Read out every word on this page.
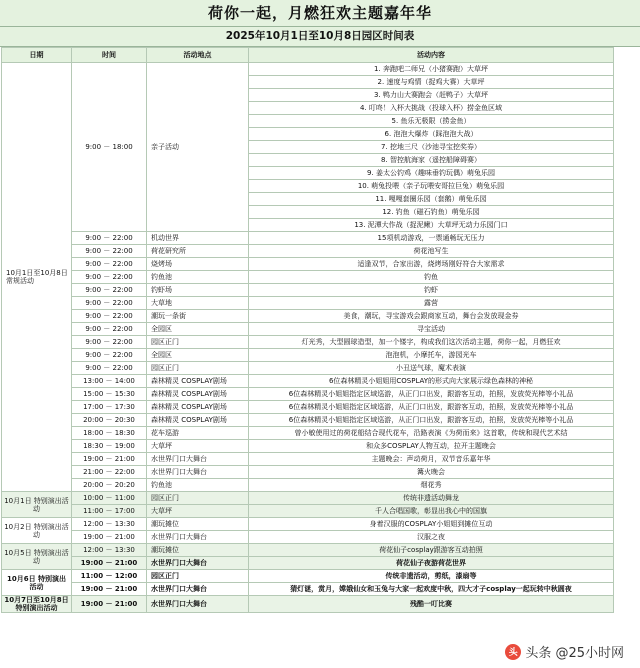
荷你一起，月燃狂欢主题嘉年华
2025年10月1日至10月8日园区时间表
日期	时间	活动地点	活动内容
10月1日至10月8日常规活动	9:00 － 18:00	亲子活动	1. 奔跑吧二师兄（小猪赛跑）大草坪
			2. 速度与鸡情（捉鸡大赛）大草坪
			3. 鸭力山大赛跑会（赶鸭子）大草坪
			4. 叮咚！入杯大挑战（投球入杯）捞金鱼区域
			5. 鱼乐无极限（捞金鱼）
			6. 泡泡大爆炸（踩泡泡大战）
			7. 挖地三尺（沙池寻宝挖奖券）
			8. 智控航海家（遥控船障碍赛）
			9. 姜太公钓鸡（趣味垂钓玩偶）萌兔乐园
			10. 萌兔投喂（亲子玩喂安哥拉巨兔）萌兔乐园
			11. 嘎嘎套圈乐园（套鹅）萌兔乐园
			12. 钓鱼（磁石钓鱼）萌兔乐园
			13. 泥潭大作战（捉泥鳅）大草坪无动力乐园门口
	9:00 － 22:00	机动世界	15项机动游戏，一票通畅玩无压力
	9:00 － 22:00	荷花研究所	荷花池写生
	9:00 － 22:00	烧烤场	适逢双节，合家出游，烧烤场刚好符合大家需求
	9:00 － 22:00	钓鱼池	钓鱼
	9:00 － 22:00	钓虾场	钓虾
	9:00 － 22:00	大草地	露营
	9:00 － 22:00	潮玩一条街	美食，潮玩，寻宝游戏会跟商家互动，舞台会发放现金券
	9:00 － 22:00	全园区	寻宝活动
	9:00 － 22:00	园区正门	灯光秀，大型圆球造型，加一个镂字，构成我们这次活动主题，荷你一起，月燃狂欢
	9:00 － 22:00	全园区	泡泡机，小摩托车，游园光车
	9:00 － 22:00	园区正门	小丑送气球，魔术表演
	13:00 － 14:00	森林精灵 COSPLAY剧场	6位森林精灵小姐姐用COSPLAY的形式向大家展示绿色森林的神秘
	15:00 － 15:30	森林精灵 COSPLAY剧场	6位森林精灵小姐姐指定区域巡游，从正门口出发，跟游客互动，拍照，发放荧光棒等小礼品
	17:00 － 17:30	森林精灵 COSPLAY剧场	6位森林精灵小姐姐指定区域巡游，从正门口出发，跟游客互动，拍照，发放荧光棒等小礼品
	20:00 － 20:30	森林精灵 COSPLAY剧场	6位森林精灵小姐姐指定区域巡游，从正门口出发，跟游客互动，拍照，发放荧光棒等小礼品
	18:00 － 18:30	花车巡游	曾小敏使用过的荷花船结合现代花车，沿路表演《为荷而来》这首歌，传统和现代艺术结
	18:30 － 19:00	大草坪	和众多COSPLAY人物互动，拉开主题晚会
	19:00 － 21:00	水世界门口大舞台	主题晚会：声动荷月，双节音乐嘉年华
	21:00 － 22:00	水世界门口大舞台	篝火晚会
	20:00 － 20:20	钓鱼池	烟花秀
10月1日 特别演出活动	10:00 － 11:00	园区正门	传统非遗活动舞龙
	11:00 － 17:00	大草坪	千人合唱国歌，彰显出我心中的国旗
10月2日 特别演出活动	12:00 － 13:30	潮玩摊位	身着汉服的COSPLAY小姐姐到摊位互动
	19:00 － 21:00	水世界门口大舞台	汉服之夜
10月5日 特别演出活动	12:00 － 13:30	潮玩摊位	荷花仙子cosplay跟游客互动拍照
	19:00 － 21:00	水世界门口大舞台	荷花仙子夜游荷花世界
10月6日 特别演出活动	11:00 － 12:00	园区正门	传统非遗活动，剪纸，漆扇等
	19:00 － 21:00	水世界门口大舞台	猜灯谜，赏月，嫦娥仙女和玉兔与大家一起欢度中秋，四大才子cosplay一起玩转中秋圆夜
10月7日至10月8日 特别演出活动	19:00 － 21:00	水世界门口大舞台	残酷一叮比赛
头 头条 @25小时网
